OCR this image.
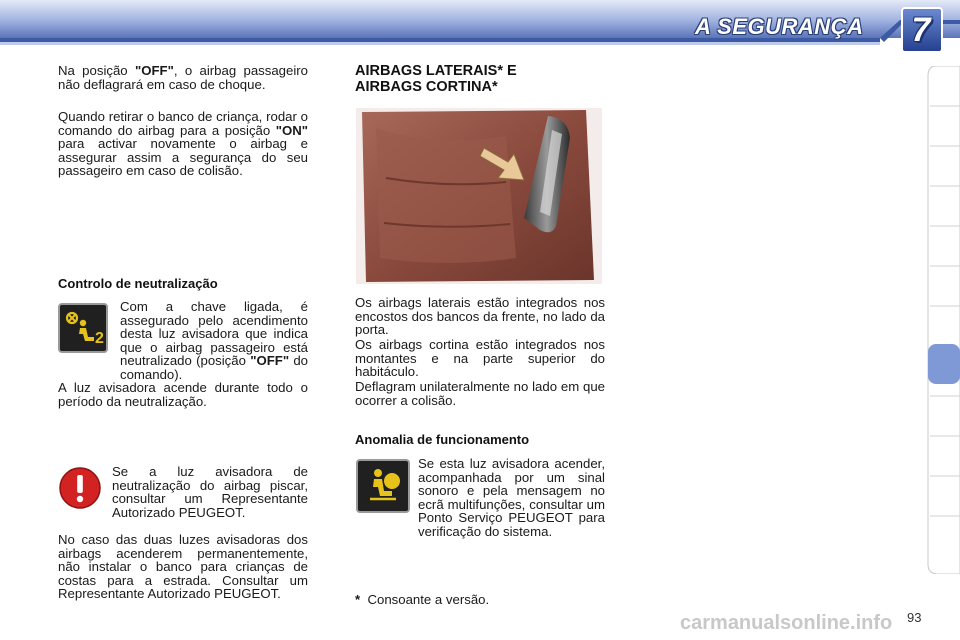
A SEGURANÇA 7
Na posição "OFF", o airbag passageiro não deflagrará em caso de choque.
Quando retirar o banco de criança, rodar o comando do airbag para a posição "ON" para activar novamente o airbag e assegurar assim a segurança do seu passageiro em caso de colisão.
Controlo de neutralização
2
Com a chave ligada, é assegurado pelo acendimento desta luz avisadora que indica que o airbag passageiro está neutralizado (posição "OFF" do comando).
A luz avisadora acende durante todo o período da neutralização.
Se a luz avisadora de neutralização do airbag piscar, consultar um Representante Autorizado PEUGEOT.
No caso das duas luzes avisadoras dos airbags acenderem permanentemente, não instalar o banco para crianças de costas para a estrada. Consultar um Representante Autorizado PEUGEOT.
AIRBAGS LATERAIS* E
AIRBAGS CORTINA*
Os airbags laterais estão integrados nos encostos dos bancos da frente, no lado da porta.
Os airbags cortina estão integrados nos montantes e na parte superior do habitáculo.
Deflagram unilateralmente no lado em que ocorrer a colisão.
Anomalia de funcionamento
Se esta luz avisadora acender, acompanhada por um sinal sonoro e pela mensagem no ecrã multifunções, consultar um Ponto Serviço PEUGEOT para verificação do sistema.
* Consoante a versão.
carmanualsonline.info 93
